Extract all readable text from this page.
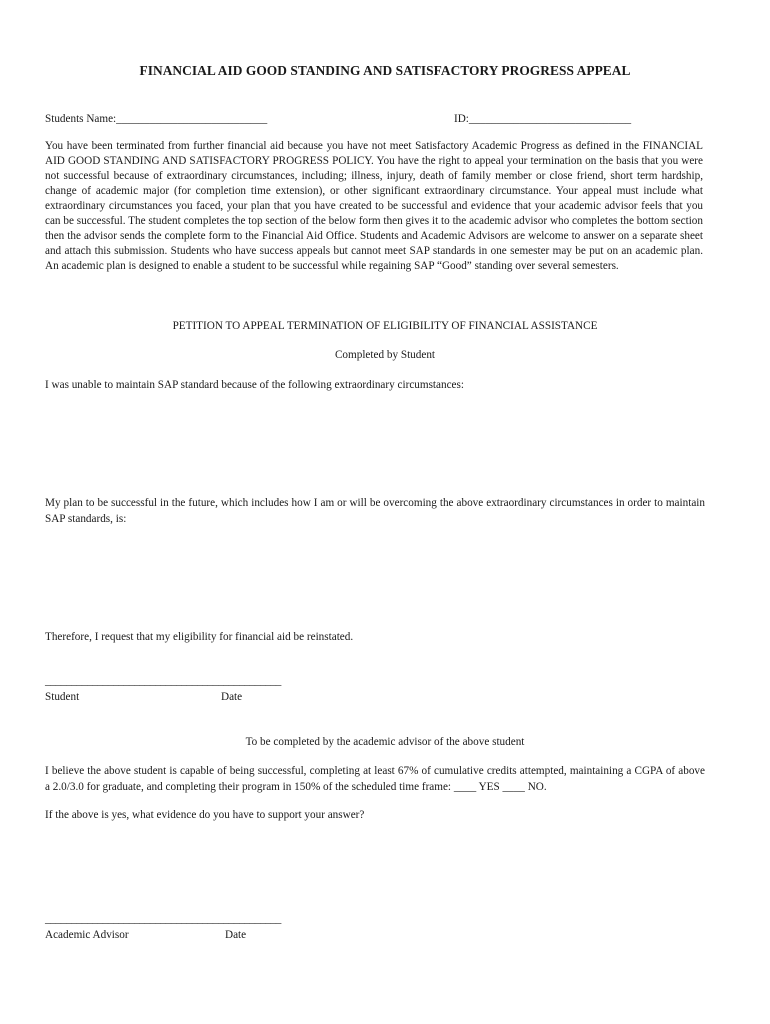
FINANCIAL AID GOOD STANDING AND SATISFACTORY PROGRESS APPEAL
Students Name:___________________________	ID:_____________________________
You have been terminated from further financial aid because you have not meet Satisfactory Academic Progress as defined in the FINANCIAL AID GOOD STANDING AND SATISFACTORY PROGRESS POLICY. You have the right to appeal your termination on the basis that you were not successful because of extraordinary circumstances, including; illness, injury, death of family member or close friend, short term hardship, change of academic major (for completion time extension), or other significant extraordinary circumstance. Your appeal must include what extraordinary circumstances you faced, your plan that you have created to be successful and evidence that your academic advisor feels that you can be successful. The student completes the top section of the below form then gives it to the academic advisor who completes the bottom section then the advisor sends the complete form to the Financial Aid Office. Students and Academic Advisors are welcome to answer on a separate sheet and attach this submission. Students who have success appeals but cannot meet SAP standards in one semester may be put on an academic plan. An academic plan is designed to enable a student to be successful while regaining SAP “Good” standing over several semesters.
PETITION TO APPEAL TERMINATION OF ELIGIBILITY OF FINANCIAL ASSISTANCE
Completed by Student
I was unable to maintain SAP standard because of the following extraordinary circumstances:
My plan to be successful in the future, which includes how I am or will be overcoming the above extraordinary circumstances in order to maintain SAP standards, is:
Therefore, I request that my eligibility for financial aid be reinstated.
_____________________________________________
Student	Date
To be completed by the academic advisor of the above student
I believe the above student is capable of being successful, completing at least 67% of cumulative credits attempted, maintaining a CGPA of above a 2.0/3.0 for graduate, and completing their program in 150% of the scheduled time frame: ____ YES ____ NO.
If the above is yes, what evidence do you have to support your answer?
_____________________________________________
Academic Advisor	Date
